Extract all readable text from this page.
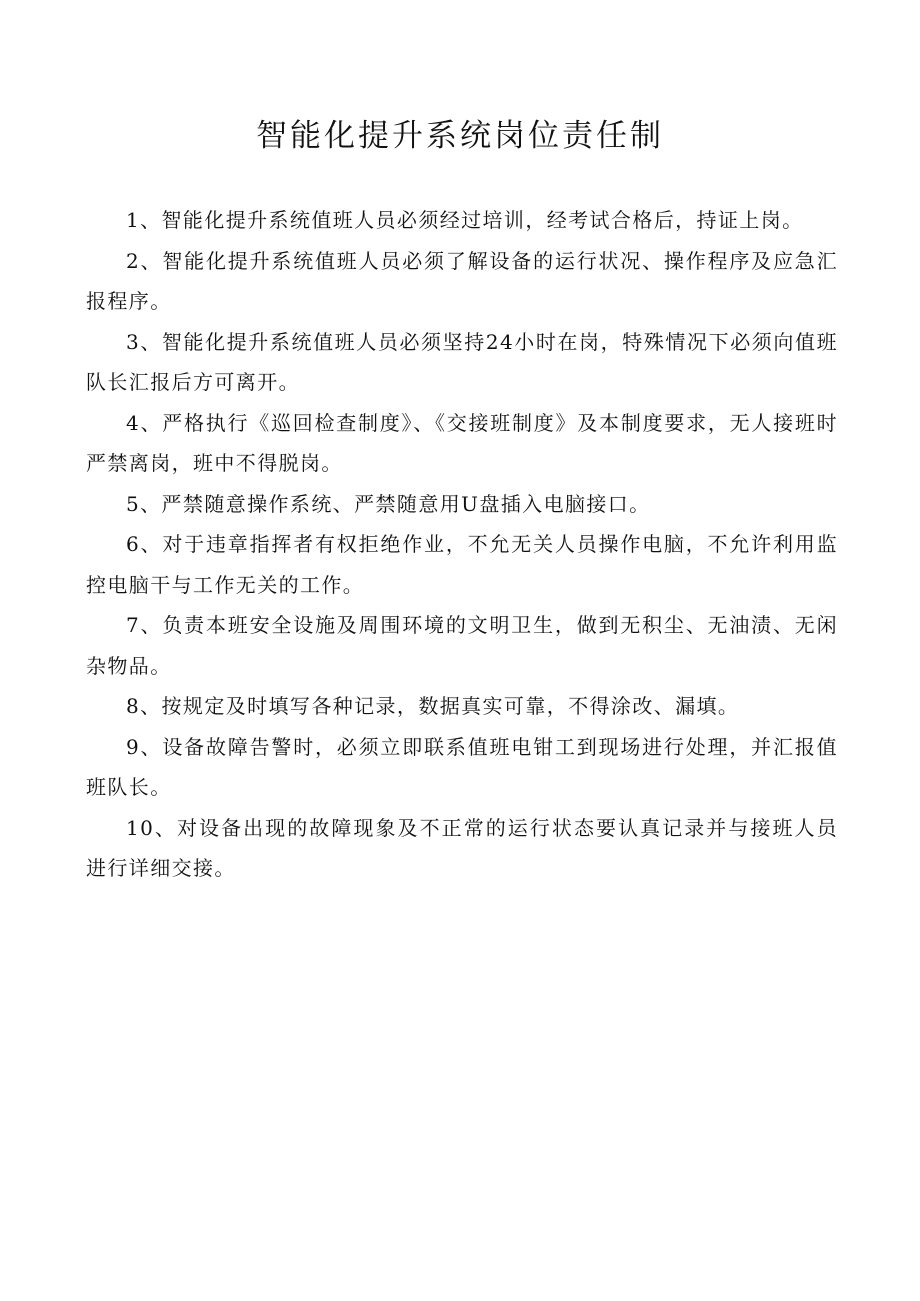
智能化提升系统岗位责任制

1、智能化提升系统值班人员必须经过培训，经考试合格后，持证上岗。

2、智能化提升系统值班人员必须了解设备的运行状况、操作程序及应急汇报程序。

3、智能化提升系统值班人员必须坚持24小时在岗，特殊情况下必须向值班队长汇报后方可离开。

4、严格执行《巡回检查制度》、《交接班制度》及本制度要求，无人接班时严禁离岗，班中不得脱岗。

5、严禁随意操作系统、严禁随意用U盘插入电脑接口。

6、对于违章指挥者有权拒绝作业，不允无关人员操作电脑，不允许利用监控电脑干与工作无关的工作。

7、负责本班安全设施及周围环境的文明卫生，做到无积尘、无油渍、无闲杂物品。

8、按规定及时填写各种记录，数据真实可靠，不得涂改、漏填。

9、设备故障告警时，必须立即联系值班电钳工到现场进行处理，并汇报值班队长。

10、对设备出现的故障现象及不正常的运行状态要认真记录并与接班人员进行详细交接。
